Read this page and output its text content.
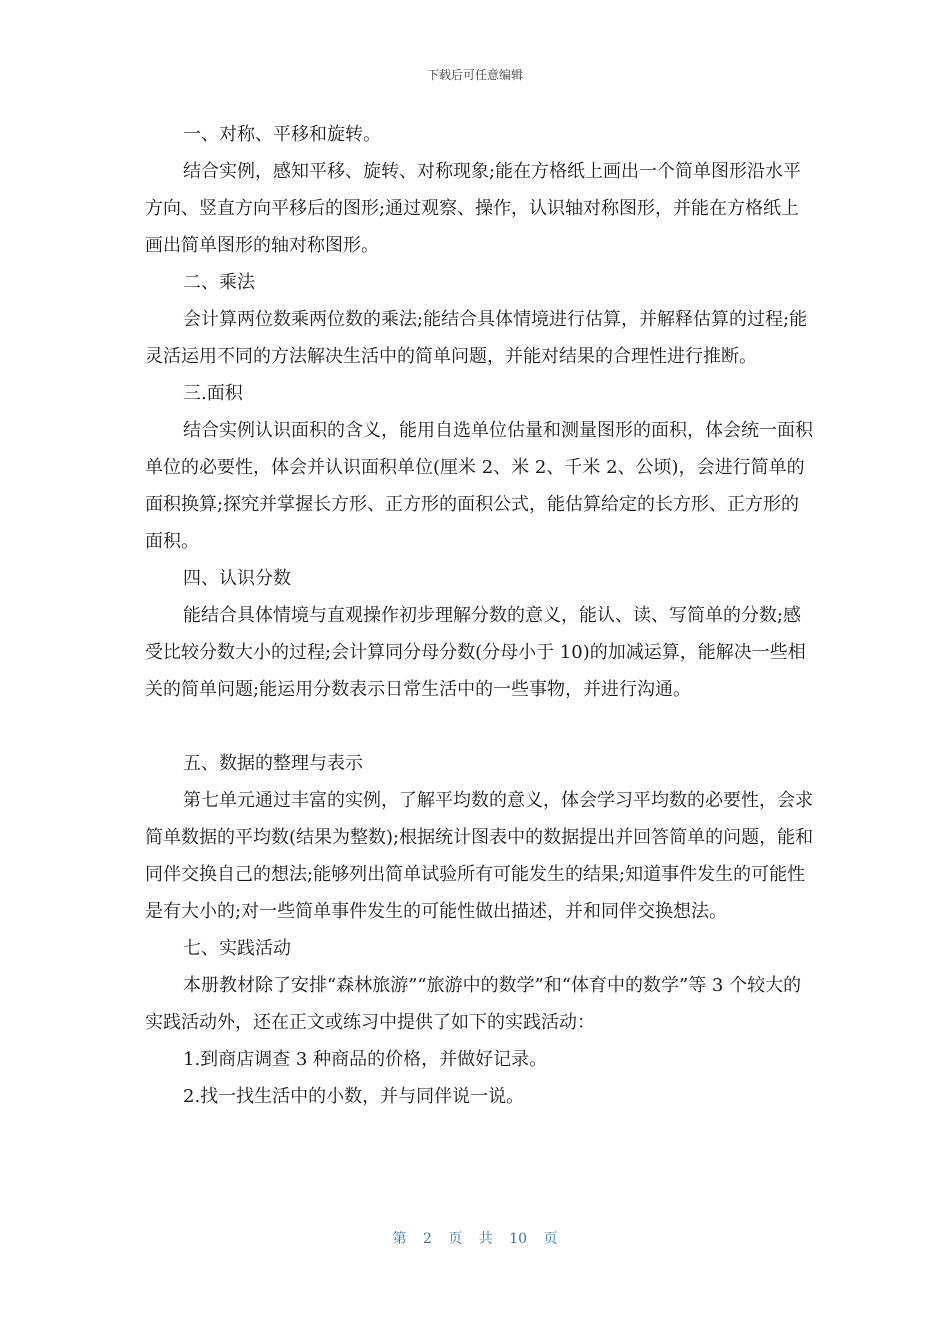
下载后可任意编辑

一、对称、平移和旋转。

结合实例，感知平移、旋转、对称现象;能在方格纸上画出一个简单图形沿水平方向、竖直方向平移后的图形;通过观察、操作，认识轴对称图形，并能在方格纸上画出简单图形的轴对称图形。

二、乘法

会计算两位数乘两位数的乘法;能结合具体情境进行估算，并解释估算的过程;能灵活运用不同的方法解决生活中的简单问题，并能对结果的合理性进行推断。

三.面积

结合实例认识面积的含义，能用自选单位估量和测量图形的面积，体会统一面积单位的必要性，体会并认识面积单位(厘米 2、米 2、千米 2、公顷)，会进行简单的面积换算;探究并掌握长方形、正方形的面积公式，能估算给定的长方形、正方形的面积。

四、认识分数

能结合具体情境与直观操作初步理解分数的意义，能认、读、写简单的分数;感受比较分数大小的过程;会计算同分母分数(分母小于 10)的加减运算，能解决一些相关的简单问题;能运用分数表示日常生活中的一些事物，并进行沟通。

五、数据的整理与表示

第七单元通过丰富的实例，了解平均数的意义，体会学习平均数的必要性，会求简单数据的平均数(结果为整数);根据统计图表中的数据提出并回答简单的问题，能和同伴交换自己的想法;能够列出简单试验所有可能发生的结果;知道事件发生的可能性是有大小的;对一些简单事件发生的可能性做出描述，并和同伴交换想法。

七、实践活动

本册教材除了安排“森林旅游”“旅游中的数学”和“体育中的数学”等 3 个较大的实践活动外，还在正文或练习中提供了如下的实践活动：

1.到商店调查 3 种商品的价格，并做好记录。

2.找一找生活中的小数，并与同伴说一说。

第 2 页 共 10 页
